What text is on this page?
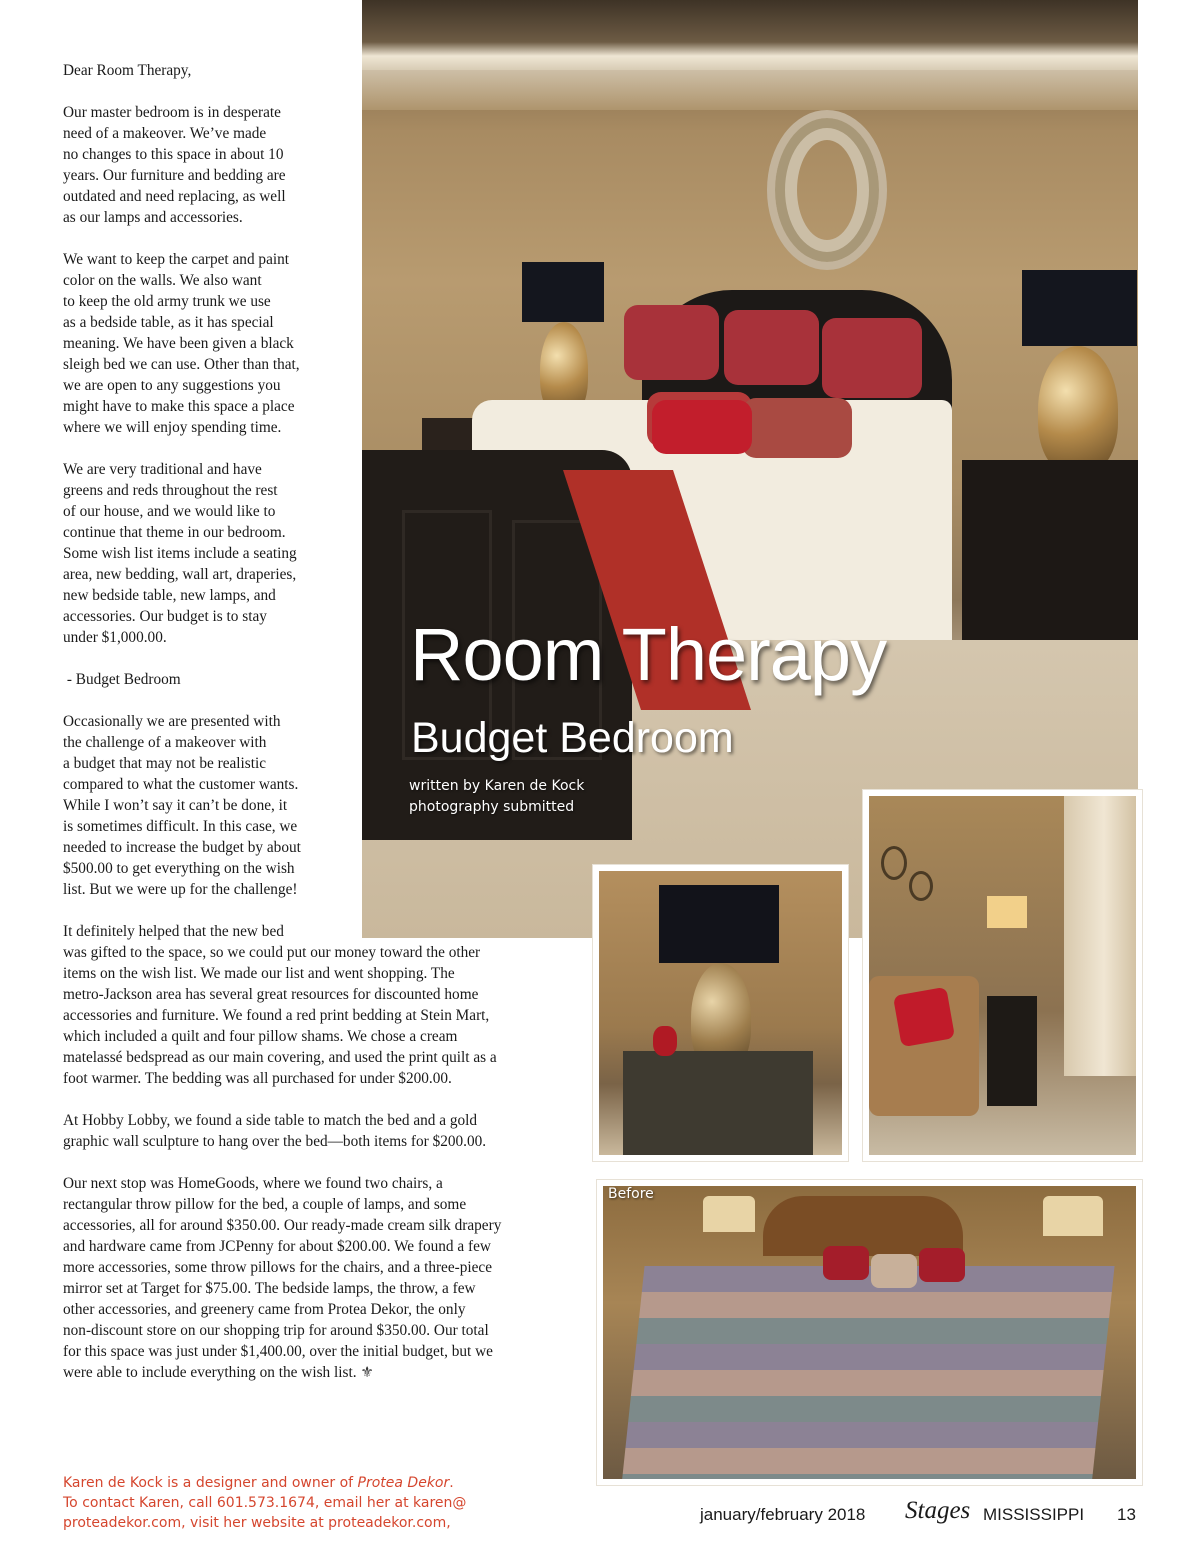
Room Therapy
Budget Bedroom
written by Karen de Kock
photography submitted
Before

Dear Room Therapy,

Our master bedroom is in desperate
need of a makeover. We’ve made
no changes to this space in about 10
years. Our furniture and bedding are
outdated and need replacing, as well
as our lamps and accessories.

We want to keep the carpet and paint
color on the walls. We also want
to keep the old army trunk we use
as a bedside table, as it has special
meaning. We have been given a black
sleigh bed we can use. Other than that,
we are open to any suggestions you
might have to make this space a place
where we will enjoy spending time.

We are very traditional and have
greens and reds throughout the rest
of our house, and we would like to
continue that theme in our bedroom.
Some wish list items include a seating
area, new bedding, wall art, draperies,
new bedside table, new lamps, and
accessories. Our budget is to stay
under $1,000.00.

- Budget Bedroom

Occasionally we are presented with
the challenge of a makeover with
a budget that may not be realistic
compared to what the customer wants.
While I won’t say it can’t be done, it
is sometimes difficult. In this case, we
needed to increase the budget by about
$500.00 to get everything on the wish
list. But we were up for the challenge!

It definitely helped that the new bed
was gifted to the space, so we could put our money toward the other
items on the wish list. We made our list and went shopping. The
metro-Jackson area has several great resources for discounted home
accessories and furniture. We found a red print bedding at Stein Mart,
which included a quilt and four pillow shams. We chose a cream
matelassé bedspread as our main covering, and used the print quilt as a
foot warmer. The bedding was all purchased for under $200.00.

At Hobby Lobby, we found a side table to match the bed and a gold
graphic wall sculpture to hang over the bed—both items for $200.00.

Our next stop was HomeGoods, where we found two chairs, a
rectangular throw pillow for the bed, a couple of lamps, and some
accessories, all for around $350.00. Our ready-made cream silk drapery
and hardware came from JCPenny for about $200.00. We found a few
more accessories, some throw pillows for the chairs, and a three-piece
mirror set at Target for $75.00. The bedside lamps, the throw, a few
other accessories, and greenery came from Protea Dekor, the only
non-discount store on our shopping trip for around $350.00. Our total
for this space was just under $1,400.00, over the initial budget, but we
were able to include everything on the wish list. ⚜

Karen de Kock is a designer and owner of Protea Dekor.
To contact Karen, call 601.573.1674, email her at karen@
proteadekor.com, visit her website at proteadekor.com,	january/february 2018 Stages MISSISSIPPI 13
